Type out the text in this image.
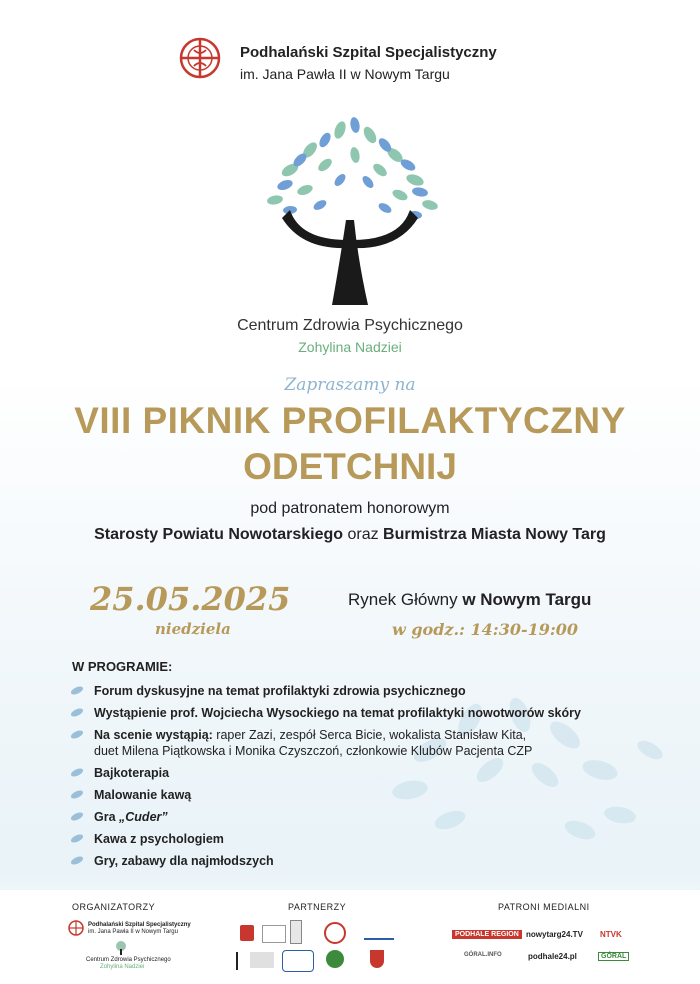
Podhalański Szpital Specjalistyczny
im. Jana Pawła II w Nowym Targu
Centrum Zdrowia Psychicznego
Zohylina Nadziei
Zapraszamy na
VIII PIKNIK PROFILAKTYCZNY
ODETCHNIJ
pod patronatem honorowym
Starosty Powiatu Nowotarskiego oraz Burmistrza Miasta Nowy Targ
25.05.2025
niedziela
Rynek Główny w Nowym Targu
w godz.: 14:30-19:00
W PROGRAMIE:
Forum dyskusyjne na temat profilaktyki zdrowia psychicznego
Wystąpienie prof. Wojciecha Wysockiego na temat profilaktyki nowotworów skóry
Na scenie wystąpią: raper Zazi, zespół Serca Bicie, wokalista Stanisław Kita,
duet Milena Piątkowska i Monika Czyszczoń, członkowie Klubów Pacjenta CZP
Bajkoterapia
Malowanie kawą
Gra „Cuder”
Kawa z psychologiem
Gry, zabawy dla najmłodszych
ORGANIZATORZY	PARTNERZY	PATRONI MEDIALNI
Podhalański Szpital Specjalistyczny
im. Jana Pawła II w Nowym Targu
Centrum Zdrowia Psychicznego
Zohylina Nadziei
PODHALE REGION nowytarg24.TV NTVK
GÓRAL.INFO	podhale24.pl	GÓRAL
